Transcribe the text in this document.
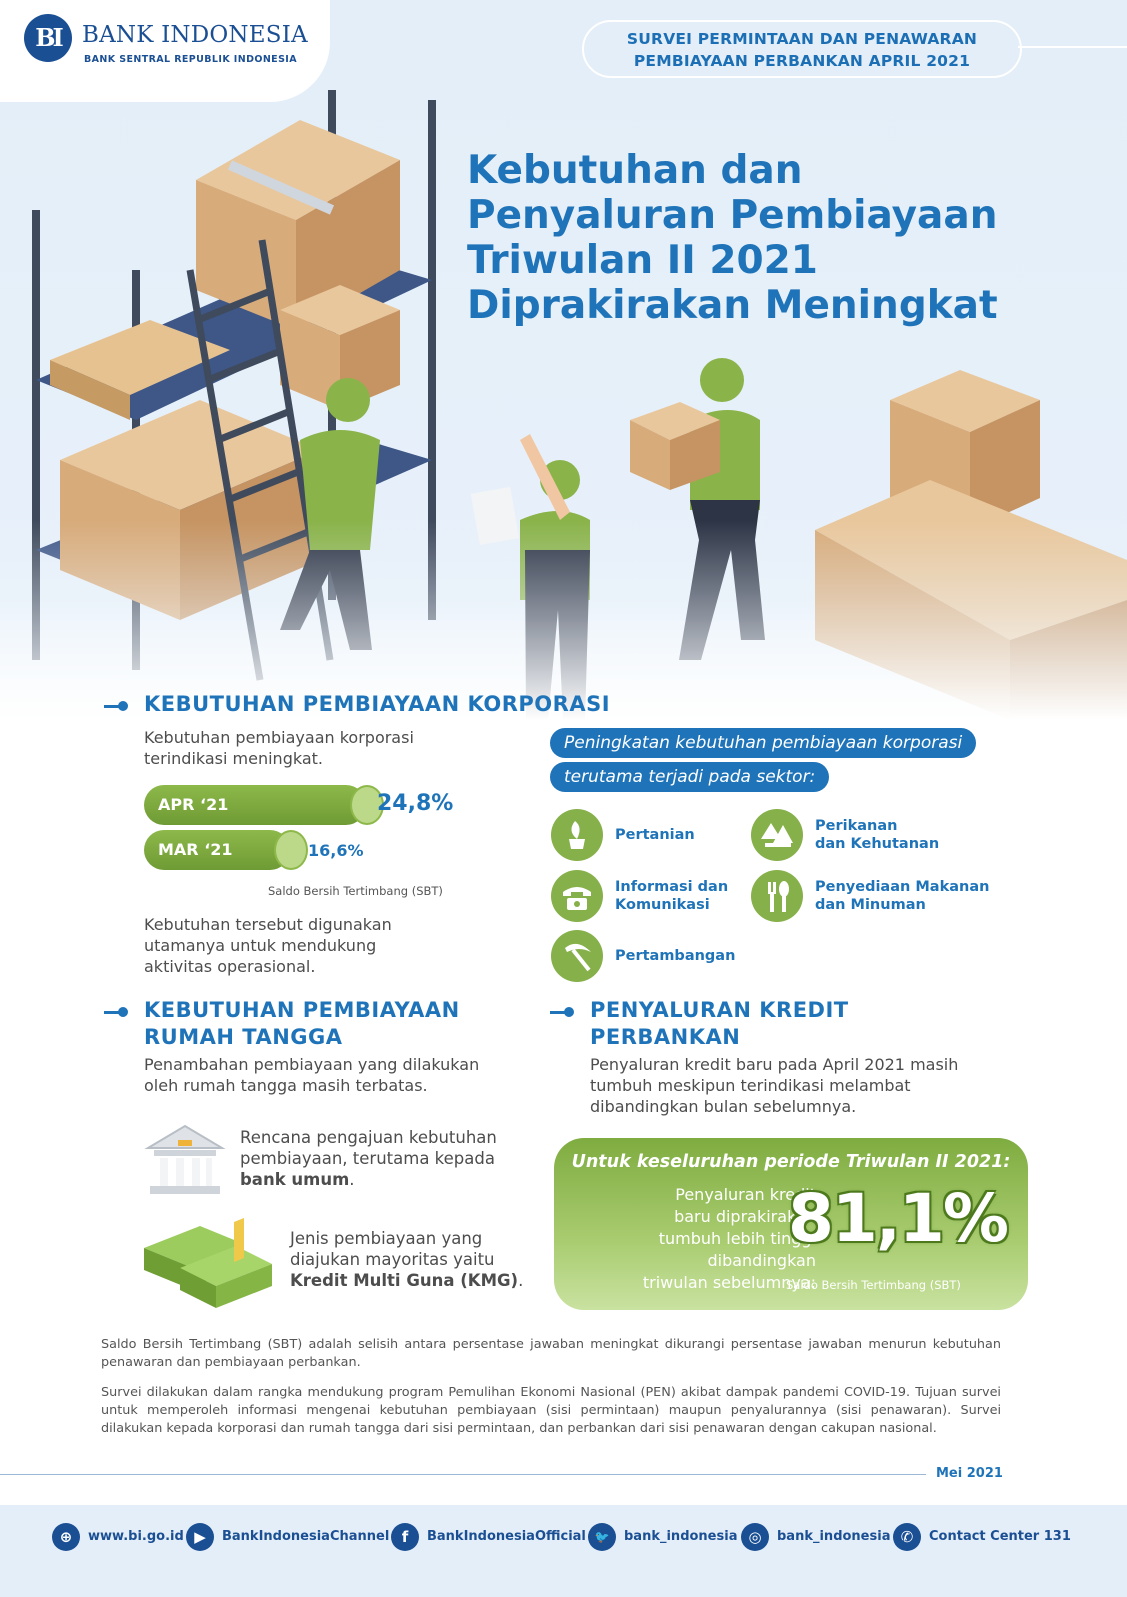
BI BANK INDONESIA
BANK SENTRAL REPUBLIK INDONESIA
SURVEI PERMINTAAN DAN PENAWARAN
PEMBIAYAAN PERBANKAN APRIL 2021
Kebutuhan dan
Penyaluran Pembiayaan
Triwulan II 2021
Diprakirakan Meningkat
KEBUTUHAN PEMBIAYAAN KORPORASI
Kebutuhan pembiayaan korporasi
terindikasi meningkat.
APR ‘21	24,8%
MAR ‘21	16,6%
Saldo Bersih Tertimbang (SBT)
Kebutuhan tersebut digunakan
utamanya untuk mendukung
aktivitas operasional.
Peningkatan kebutuhan pembiayaan korporasi
terutama terjadi pada sektor:
Pertanian
Perikanan
dan Kehutanan
Informasi dan
Komunikasi
Penyediaan Makanan
dan Minuman
Pertambangan
KEBUTUHAN PEMBIAYAAN
RUMAH TANGGA
Penambahan pembiayaan yang dilakukan
oleh rumah tangga masih terbatas.
Rencana pengajuan kebutuhan
pembiayaan, terutama kepada
bank umum.
Jenis pembiayaan yang
diajukan mayoritas yaitu
Kredit Multi Guna (KMG).
PENYALURAN KREDIT
PERBANKAN
Penyaluran kredit baru pada April 2021 masih
tumbuh meskipun terindikasi melambat
dibandingkan bulan sebelumnya.
Untuk keseluruhan periode Triwulan II 2021:
Penyaluran kredit
baru diprakirakan
tumbuh lebih tinggi
dibandingkan
triwulan sebelumnya:
81,1%
Saldo Bersih Tertimbang (SBT)
Saldo Bersih Tertimbang (SBT) adalah selisih antara persentase jawaban meningkat dikurangi persentase jawaban menurun kebutuhan penawaran dan pembiayaan perbankan.
Survei dilakukan dalam rangka mendukung program Pemulihan Ekonomi Nasional (PEN) akibat dampak pandemi COVID-19. Tujuan survei untuk memperoleh informasi mengenai kebutuhan pembiayaan (sisi permintaan) maupun penyalurannya (sisi penawaran). Survei dilakukan kepada korporasi dan rumah tangga dari sisi permintaan, dan perbankan dari sisi penawaran dengan cakupan nasional.
Mei 2021
⊕	www.bi.go.id ▶	BankIndonesiaChannel f	BankIndonesiaOfficial 🐦	bank_indonesia ◎	bank_indonesia ✆	Contact Center 131
